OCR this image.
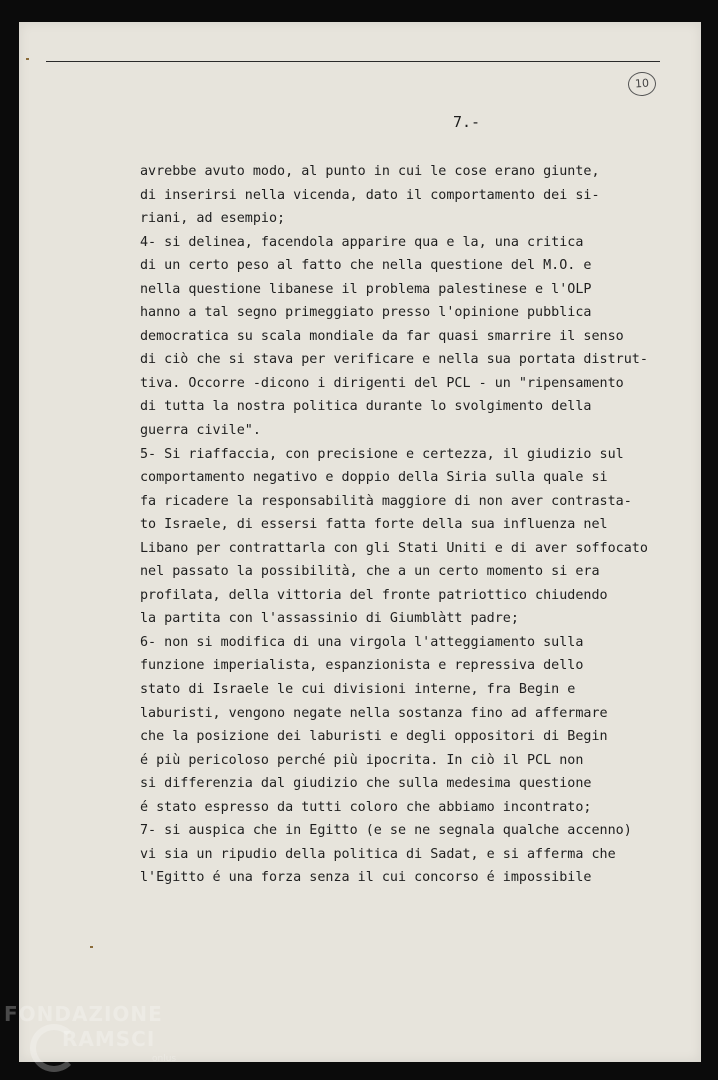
10
7.-
avrebbe avuto modo, al punto in cui le cose erano giunte,
di inserirsi nella vicenda, dato il comportamento dei si-
riani, ad esempio;
4- si delinea, facendola apparire qua e la, una critica
di un certo peso al fatto che nella questione del M.O. e
nella questione libanese il problema palestinese e l'OLP
hanno a tal segno primeggiato presso l'opinione pubblica
democratica su scala mondiale da far quasi smarrire il senso
di ciò che si stava per verificare e nella sua portata distrut-
tiva. Occorre -dicono i dirigenti del PCL - un "ripensamento
di tutta la nostra politica durante lo svolgimento della
guerra civile".
5- Si riaffaccia, con precisione e certezza, il giudizio sul
comportamento negativo e doppio della Siria sulla quale si
fa ricadere la responsabilità maggiore di non aver contrasta-
to Israele, di essersi fatta forte della sua influenza nel
Libano per contrattarla con gli Stati Uniti e di aver soffocato
nel passato la possibilità, che a un certo momento si era
profilata, della vittoria del fronte patriottico chiudendo
la partita con l'assassinio di Giumblàtt padre;
6- non si modifica di una virgola l'atteggiamento sulla
funzione imperialista, espanzionista e repressiva dello
stato di Israele le cui divisioni interne, fra Begin e
laburisti, vengono negate nella sostanza fino ad affermare
che la posizione dei laburisti e degli oppositori di Begin
é più pericoloso perché più ipocrita. In ciò il PCL non
si differenzia dal giudizio che sulla medesima questione
é stato espresso da tutti coloro che abbiamo incontrato;
7- si auspica che in Egitto (e se ne segnala qualche accenno)
vi sia un ripudio della politica di Sadat, e si afferma che
l'Egitto é una forza senza il cui concorso é impossibile
FONDAZIONE
RAMSCI
onlus
